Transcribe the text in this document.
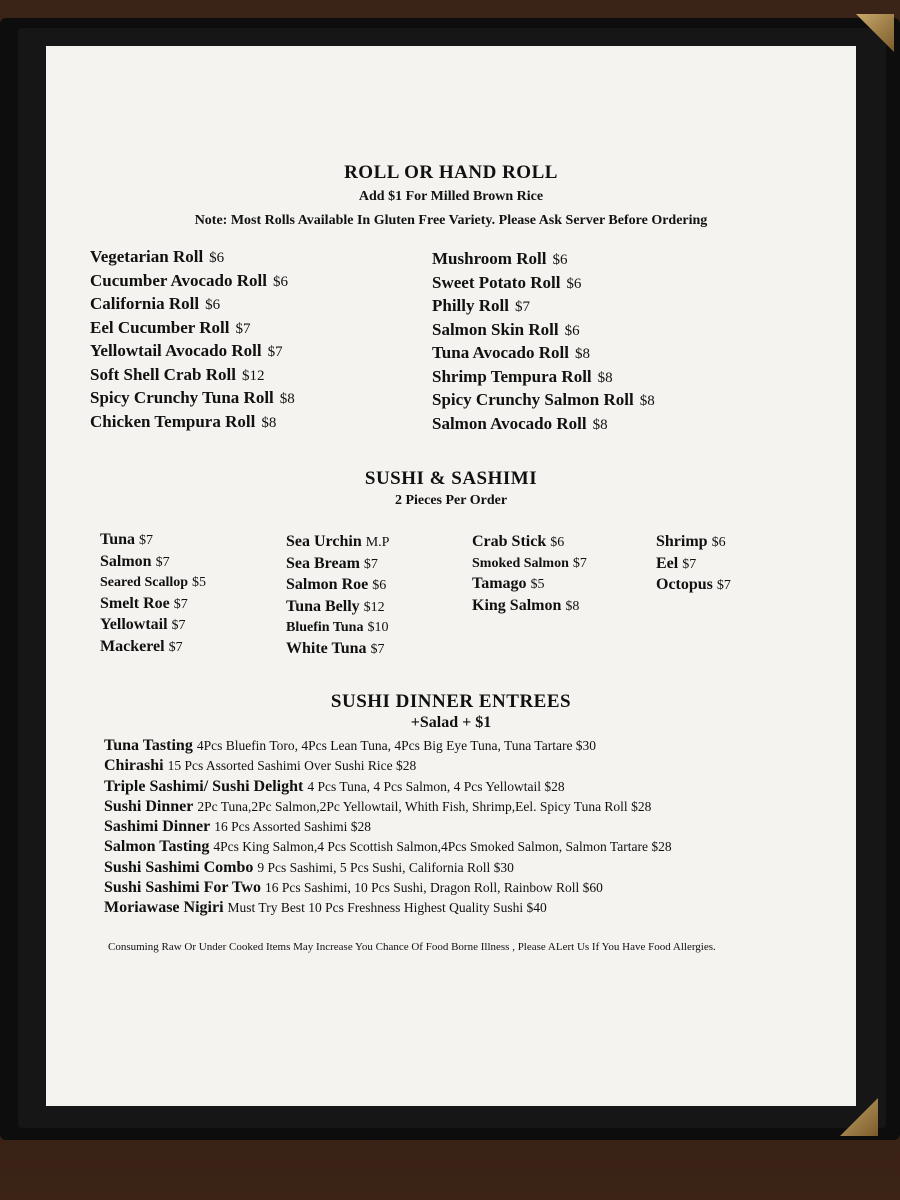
ROLL OR HAND ROLL
Add $1 For Milled Brown Rice
Note: Most Rolls Available In Gluten Free Variety. Please Ask Server Before Ordering
Vegetarian Roll $6
Cucumber Avocado Roll $6
California Roll $6
Eel Cucumber Roll $7
Yellowtail Avocado Roll $7
Soft Shell Crab Roll $12
Spicy Crunchy Tuna Roll $8
Chicken Tempura Roll $8
Mushroom Roll $6
Sweet Potato Roll $6
Philly Roll $7
Salmon Skin Roll $6
Tuna Avocado Roll $8
Shrimp Tempura Roll $8
Spicy Crunchy Salmon Roll $8
Salmon Avocado Roll $8
SUSHI & SASHIMI
2 Pieces Per Order
Tuna $7
Salmon $7
Seared Scallop $5
Smelt Roe $7
Yellowtail $7
Mackerel $7
Sea Urchin M.P
Sea Bream $7
Salmon Roe $6
Tuna Belly $12
Bluefin Tuna $10
White Tuna $7
Crab Stick $6
Smoked Salmon $7
Tamago $5
King Salmon $8
Shrimp $6
Eel $7
Octopus $7
SUSHI DINNER ENTREES
+Salad + $1
Tuna Tasting 4Pcs Bluefin Toro, 4Pcs Lean Tuna, 4Pcs Big Eye Tuna, Tuna Tartare $30
Chirashi 15 Pcs Assorted Sashimi Over Sushi Rice $28
Triple Sashimi/ Sushi Delight 4 Pcs Tuna, 4 Pcs Salmon, 4 Pcs Yellowtail $28
Sushi Dinner 2Pc Tuna,2Pc Salmon,2Pc Yellowtail, Whith Fish, Shrimp,Eel. Spicy Tuna Roll $28
Sashimi Dinner 16 Pcs Assorted Sashimi $28
Salmon Tasting 4Pcs King Salmon,4 Pcs Scottish Salmon,4Pcs Smoked Salmon, Salmon Tartare $28
Sushi Sashimi Combo 9 Pcs Sashimi, 5 Pcs Sushi, California Roll $30
Sushi Sashimi For Two 16 Pcs Sashimi, 10 Pcs Sushi, Dragon Roll, Rainbow Roll $60
Moriawase Nigiri Must Try Best 10 Pcs Freshness Highest Quality Sushi $40
Consuming Raw Or Under Cooked Items May Increase You Chance Of Food Borne Illness , Please ALert Us If You Have Food Allergies.
